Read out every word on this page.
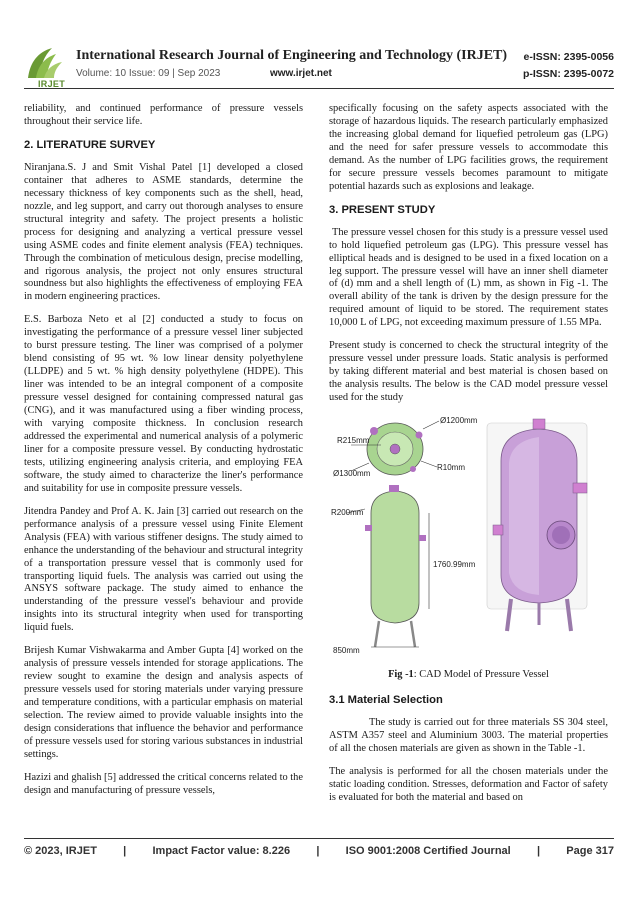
IRJET
International Research Journal of Engineering and Technology (IRJET) e-ISSN: 2395-0056
Volume: 10 Issue: 09 | Sep 2023	www.irjet.net	p-ISSN: 2395-0072

reliability, and continued performance of pressure vessels throughout their service life.

2. LITERATURE SURVEY

Niranjana.S. J and Smit Vishal Patel [1] developed a closed container that adheres to ASME standards, determine the necessary thickness of key components such as the shell, head, nozzle, and leg support, and carry out thorough analyses to ensure structural integrity and safety. The project presents a holistic process for designing and analyzing a vertical pressure vessel using ASME codes and finite element analysis (FEA) techniques. Through the combination of meticulous design, precise modelling, and rigorous analysis, the project not only ensures structural soundness but also highlights the effectiveness of employing FEA in modern engineering practices.

E.S. Barboza Neto et al [2] conducted a study to focus on investigating the performance of a pressure vessel liner subjected to burst pressure testing. The liner was comprised of a polymer blend consisting of 95 wt. % low linear density polyethylene (LLDPE) and 5 wt. % high density polyethylene (HDPE). This liner was intended to be an integral component of a composite pressure vessel designed for containing compressed natural gas (CNG), and it was manufactured using a fiber winding process, with varying composite thickness. In conclusion research addressed the experimental and numerical analysis of a polymeric liner for a composite pressure vessel. By conducting hydrostatic tests, utilizing engineering analysis criteria, and employing FEA software, the study aimed to characterize the liner's performance and suitability for use in composite pressure vessels.

Jitendra Pandey and Prof A. K. Jain [3] carried out research on the performance analysis of a pressure vessel using Finite Element Analysis (FEA) with various stiffener designs. The study aimed to enhance the understanding of the behaviour and structural integrity of a transportation pressure vessel that is commonly used for transporting liquid fuels. The analysis was carried out using the ANSYS software package. The study aimed to enhance the understanding of the pressure vessel's behaviour and provide insights into its structural integrity when used for transporting liquid fuels.

Brijesh Kumar Vishwakarma and Amber Gupta [4] worked on the analysis of pressure vessels intended for storage applications. The review sought to examine the design and analysis aspects of pressure vessels used for storing materials under varying pressure and temperature conditions, with a particular emphasis on material selection. The review aimed to provide valuable insights into the design considerations that influence the behavior and performance of pressure vessels used for storing various substances in industrial settings.

Hazizi and ghalish [5] addressed the critical concerns related to the design and manufacturing of pressure vessels,

specifically focusing on the safety aspects associated with the storage of hazardous liquids. The research particularly emphasized the increasing global demand for liquefied petroleum gas (LPG) and the need for safer pressure vessels to accommodate this demand. As the number of LPG facilities grows, the requirement for secure pressure vessels becomes paramount to mitigate potential hazards such as explosions and leakage.

3. PRESENT STUDY

The pressure vessel chosen for this study is a pressure vessel used to hold liquefied petroleum gas (LPG). This pressure vessel has elliptical heads and is designed to be used in a fixed location on a leg support. The pressure vessel will have an inner shell diameter of (d) mm and a shell length of (L) mm, as shown in Fig -1. The overall ability of the tank is driven by the design pressure for the required amount of liquid to be stored. The requirement states 10,000 L of LPG, not exceeding maximum pressure of 1.55 MPa.

Present study is concerned to check the structural integrity of the pressure vessel under pressure loads. Static analysis is performed by taking different material and best material is chosen based on the analysis results. The below is the CAD model pressure vessel used for the study

Ø1200mm
R215mm
R10mm
Ø1300mm
R200mm
1760.99mm
850mm
Fig -1: CAD Model of Pressure Vessel
3.1 Material Selection

The study is carried out for three materials SS 304 steel, ASTM A357 steel and Aluminium 3003. The material properties of all the chosen materials are given as shown in the Table -1.

The analysis is performed for all the chosen materials under the static loading condition. Stresses, deformation and Factor of safety is evaluated for both the material and based on

© 2023, IRJET | Impact Factor value: 8.226 | ISO 9001:2008 Certified Journal | Page 317
